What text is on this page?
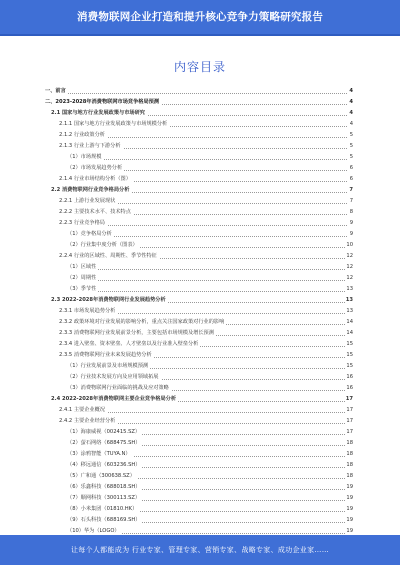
消费物联网企业打造和提升核心竞争力策略研究报告
内容目录
一、前言	4
二、2023-2028年消费物联网市场竞争格局预测	4
2.1 国家与地方行业发展政策与市场研究	4
2.1.1 国家与地方行业发展政策与市场规模分析	4
2.1.2 行业政策分析	5
2.1.3 行业上游与下游分析	5
（1）市场规模	5
（2）市场发展趋势分析	6
2.1.4 行业市场结构分析（图）	6
2.2 消费物联网行业竞争格局分析	7
2.2.1 上游行业发展现状	7
2.2.2 主要技术水平、技术特点	8
2.2.3 行业竞争格局	9
（1）竞争格局分析	9
（2）行业集中度分析（图表）	10
2.2.4 行业的区域性、周期性、季节性特征	12
（1）区域性	12
（2）周期性	12
（3）季节性	13
2.3 2022-2028年消费物联网行业发展趋势分析	13
2.3.1 市场发展趋势分析	13
2.3.2 政策环境对行业发展的影响分析，重点关注国家政策对行业的影响	14
2.3.3 消费物联网行业发展前景分析，主要包括市场规模及增长预测	14
2.3.4 进入壁垒、资本壁垒、人才壁垒以及行业准入壁垒分析	15
2.3.5 消费物联网行业未来发展趋势分析	15
（1）行业发展前景及市场规模预测	15
（2）行业技术发展方向及应用领域拓展	16
（3）消费物联网行业面临的挑战及应对策略	16
2.4 2022-2028年消费物联网主要企业竞争格局分析	17
2.4.1 主要企业概况	17
2.4.2 主要企业经营分析	17
（1）海康威视（002415.SZ）	17
（2）萤石网络（688475.SH）	18
（3）涂鸦智能（TUYA.N）	18
（4）移远通信（603236.SH）	18
（5）广和通（300638.SZ）	18
（6）乐鑫科技（688018.SH）	19
（7）顺网科技（300113.SZ）	19
（8）小米集团（01810.HK）	19
（9）石头科技（688169.SH）	19
（10）华为（LOGO）	19
让每个人都能成为 行业专家、管理专家、营销专家、战略专家、成功企业家……
